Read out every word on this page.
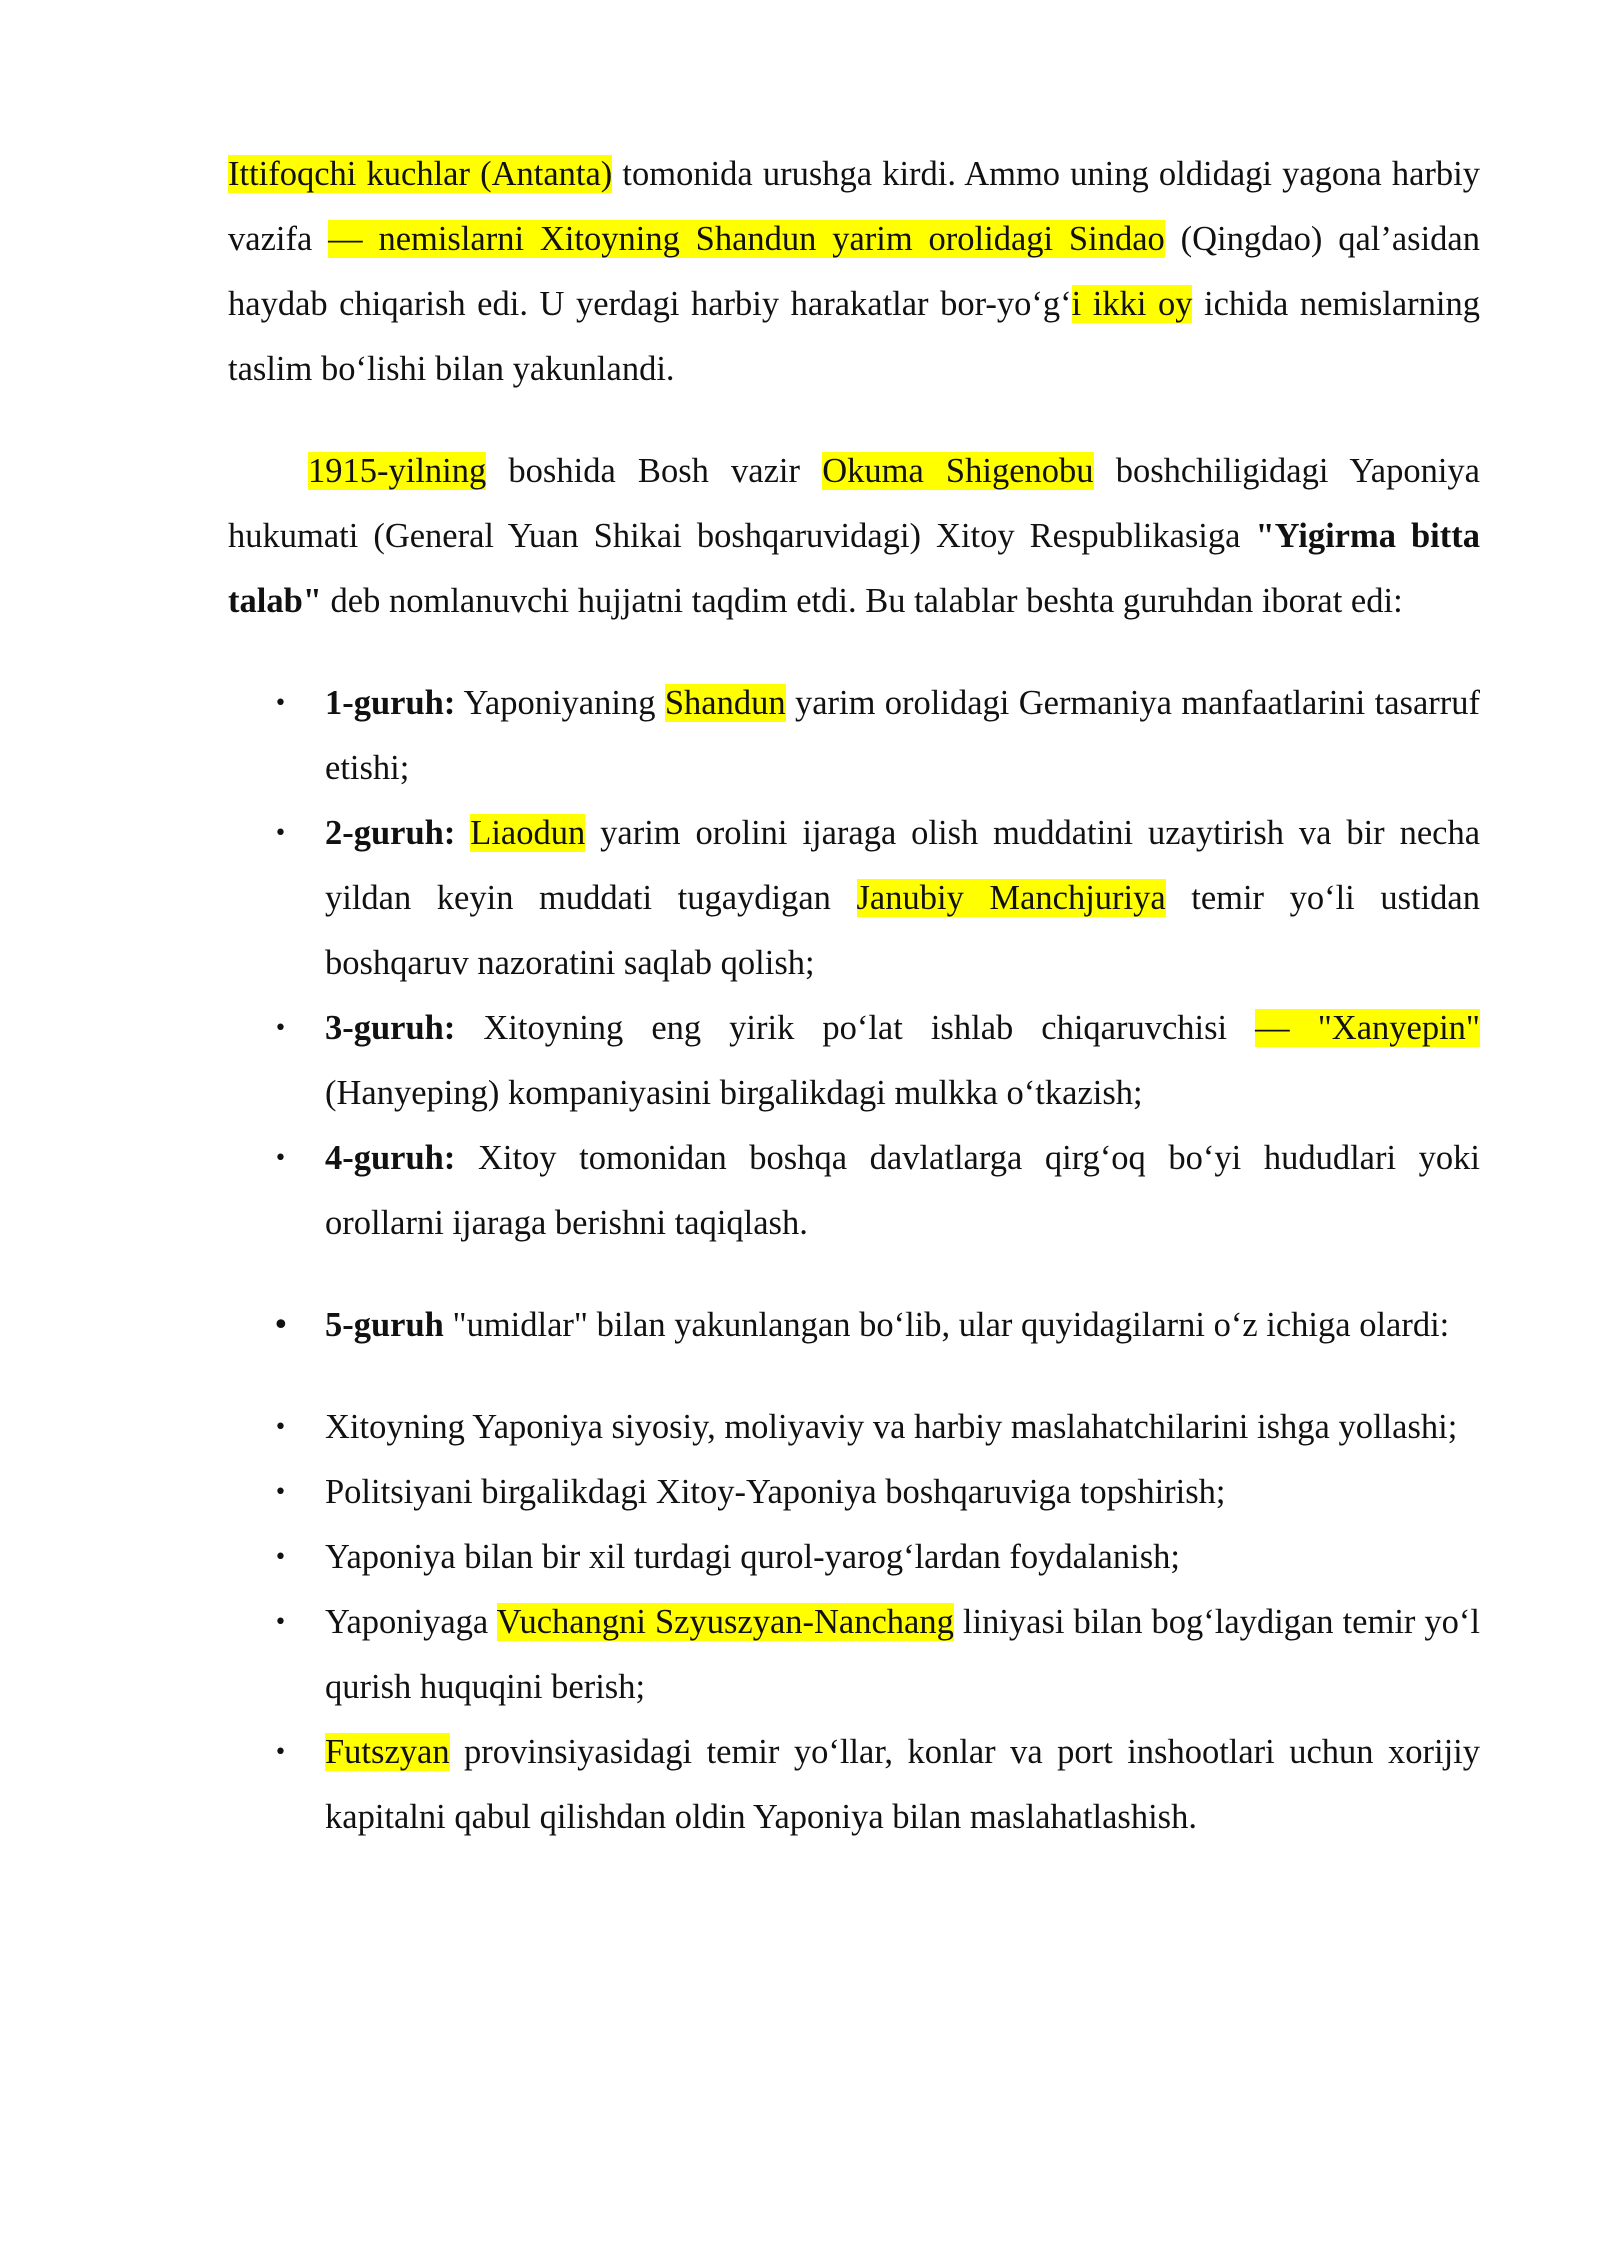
Ittifoqchi kuchlar (Antanta) tomonida urushga kirdi. Ammo uning oldidagi yagona harbiy vazifa — nemislarni Xitoyning Shandun yarim orolidagi Sindao (Qingdao) qal’asidan haydab chiqarish edi. U yerdagi harbiy harakatlar bor-yo‘g‘i ikki oy ichida nemislarning taslim bo‘lishi bilan yakunlandi.

1915-yilning boshida Bosh vazir Okuma Shigenobu boshchiligidagi Yaponiya hukumati (General Yuan Shikai boshqaruvidagi) Xitoy Respublikasiga "Yigirma bitta talab" deb nomlanuvchi hujjatni taqdim etdi. Bu talablar beshta guruhdan iborat edi:

• 1-guruh: Yaponiyaning Shandun yarim orolidagi Germaniya manfaatlarini tasarruf etishi;
• 2-guruh: Liaodun yarim orolini ijaraga olish muddatini uzaytirish va bir necha yildan keyin muddati tugaydigan Janubiy Manchjuriya temir yo‘li ustidan boshqaruv nazoratini saqlab qolish;
• 3-guruh: Xitoyning eng yirik po‘lat ishlab chiqaruvchisi — "Xanyepin" (Hanyeping) kompaniyasini birgalikdagi mulkka o‘tkazish;
• 4-guruh: Xitoy tomonidan boshqa davlatlarga qirg‘oq bo‘yi hududlari yoki orollarni ijaraga berishni taqiqlash.
• 5-guruh "umidlar" bilan yakunlangan bo‘lib, ular quyidagilarni o‘z ichiga olardi:
• Xitoyning Yaponiya siyosiy, moliyaviy va harbiy maslahatchilarini ishga yollashi;
• Politsiyani birgalikdagi Xitoy-Yaponiya boshqaruviga topshirish;
• Yaponiya bilan bir xil turdagi qurol-yarog‘lardan foydalanish;
• Yaponiyaga Vuchangni Szyuszyan-Nanchang liniyasi bilan bog‘laydigan temir yo‘l qurish huquqini berish;
• Futszyan provinsiyasidagi temir yo‘llar, konlar va port inshootlari uchun xorijiy kapitalni qabul qilishdan oldin Yaponiya bilan maslahatlashish.
